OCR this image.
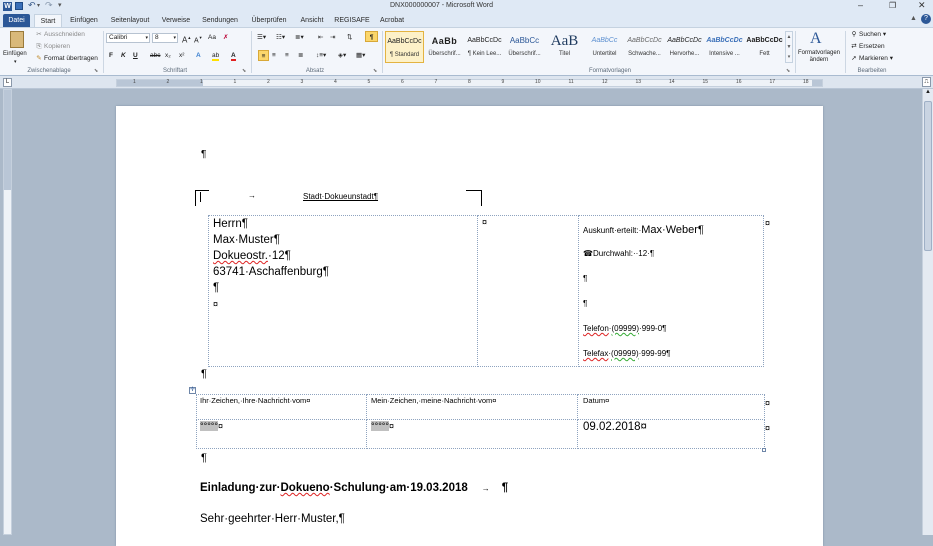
W ↶ ▾ ↷ ▾	DNX000000007 - Microsoft Word	–	❐ ✕
Datei	Start	Einfügen	Seitenlayout	Verweise	Sendungen	Überprüfen	Ansicht	REGISAFE	Acrobat	▲	?
Einfügen
▾
✂ Ausschneiden
⎘ Kopieren
✎ Format übertragen
Zwischenablage	⬊
Calibri	▾	8	▾ A▲ A▼ Aa ✗
F K U abc x₂ x² A ab A
Schriftart	⬊
☰▾ ☷▾ ≣▾ ⇤ ⇥ ⇅	¶
≡	≡ ≡ ≣ ↕≡▾ ◈▾ ▦▾
Absatz	⬊
AaBbCcDc
¶ Standard
AaBb
Überschrif...
AaBbCcDc
¶ Kein Lee...
AaBbCc
Überschrif...
AaB
Titel
AaBbCc
Untertitel
AaBbCcDc
Schwache...
AaBbCcDc
Hervorhe...
AaBbCcDc
Intensive ...
AaBbCcDc
Fett
▲
▼
▾
Formatvorlagen	⬊
A
Formatvorlagen ändern
⚲ Suchen ▾
⇄ Ersetzen
➚ Markieren ▾
Bearbeiten
L	1	2	1	1	2	3	4	5	6	7	8	9	10	11	12	13	14	15	16	17	18	⎍
▲
¶
→	Stadt·Dokueunstadt¶
Herrn¶
Max·Muster¶
Dokueostr.·12¶
63741·Aschaffenburg¶
¶
¤
¤	¤
Auskunft·erteilt:·Max·Weber¶
☎Durchwahl:··12·¶
¶
¶
Telefon·(09999)·999-0¶
Telefax·(09999)·999-99¶
¶
✛
Ihr·Zeichen,·Ihre·Nachricht·vom¤	Mein·Zeichen,·meine·Nachricht·vom¤	Datum¤	¤
°°°°°¤	°°°°°¤	09.02.2018¤	¤
¶
Einladung·zur·Dokueno·Schulung·am·19.03.2018 → ¶
Sehr·geehrter·Herr·Muster,¶
